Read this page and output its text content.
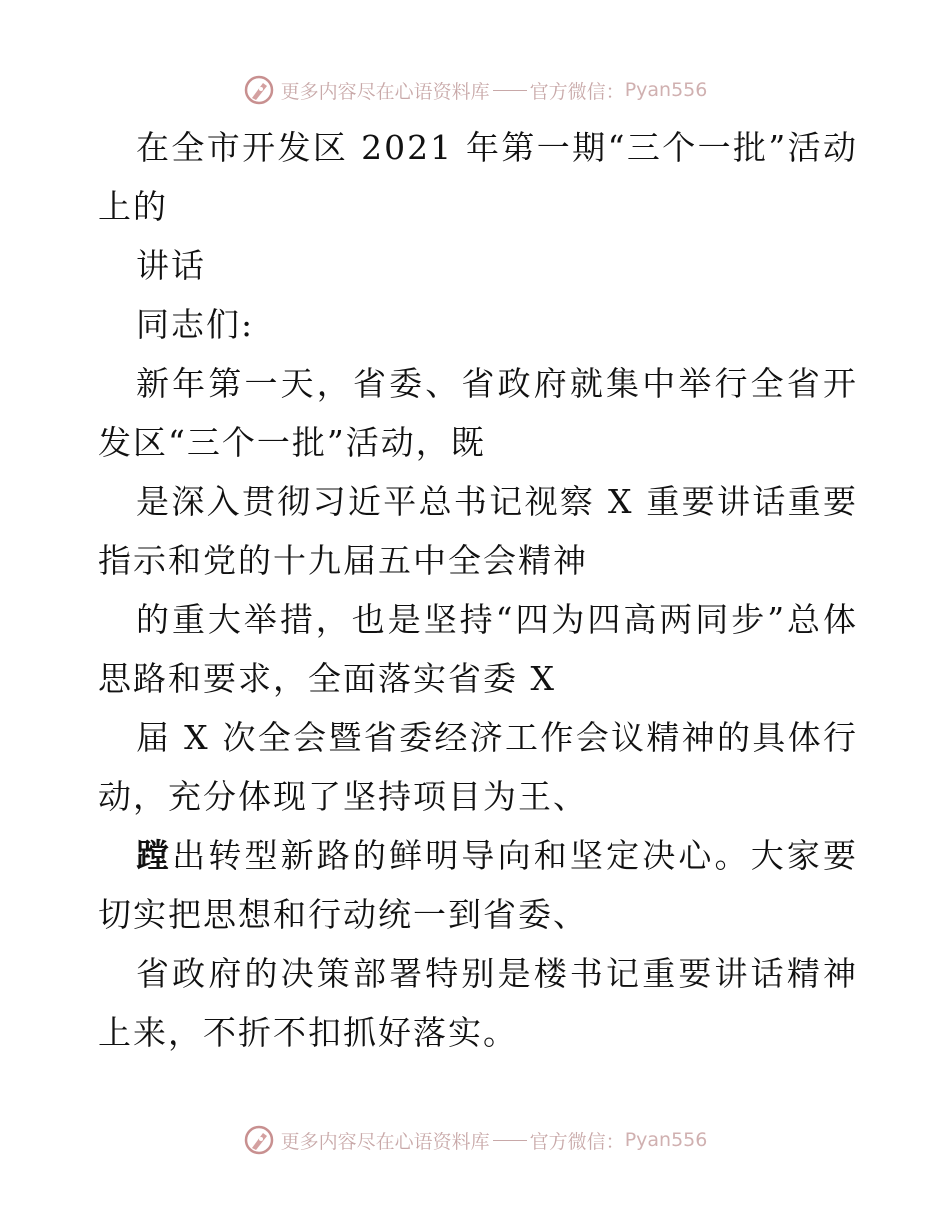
更多内容尽在心语资料库 官方微信： Pyan556

在全市开发区 2021 年第一期“三个一批”活动上的

讲话

同志们:

新年第一天，省委、省政府就集中举行全省开发区“三个一批”活动，既

是深入贯彻习近平总书记视察 X 重要讲话重要指示和党的十九届五中全会精神

的重大举措，也是坚持“四为四高两同步”总体思路和要求，全面落实省委 X

届 X 次全会暨省委经济工作会议精神的具体行动，充分体现了坚持项目为王、

蹚出转型新路的鲜明导向和坚定决心。大家要切实把思想和行动统一到省委、

省政府的决策部署特别是楼书记重要讲话精神上来，不折不扣抓好落实。

更多内容尽在心语资料库 官方微信： Pyan556
